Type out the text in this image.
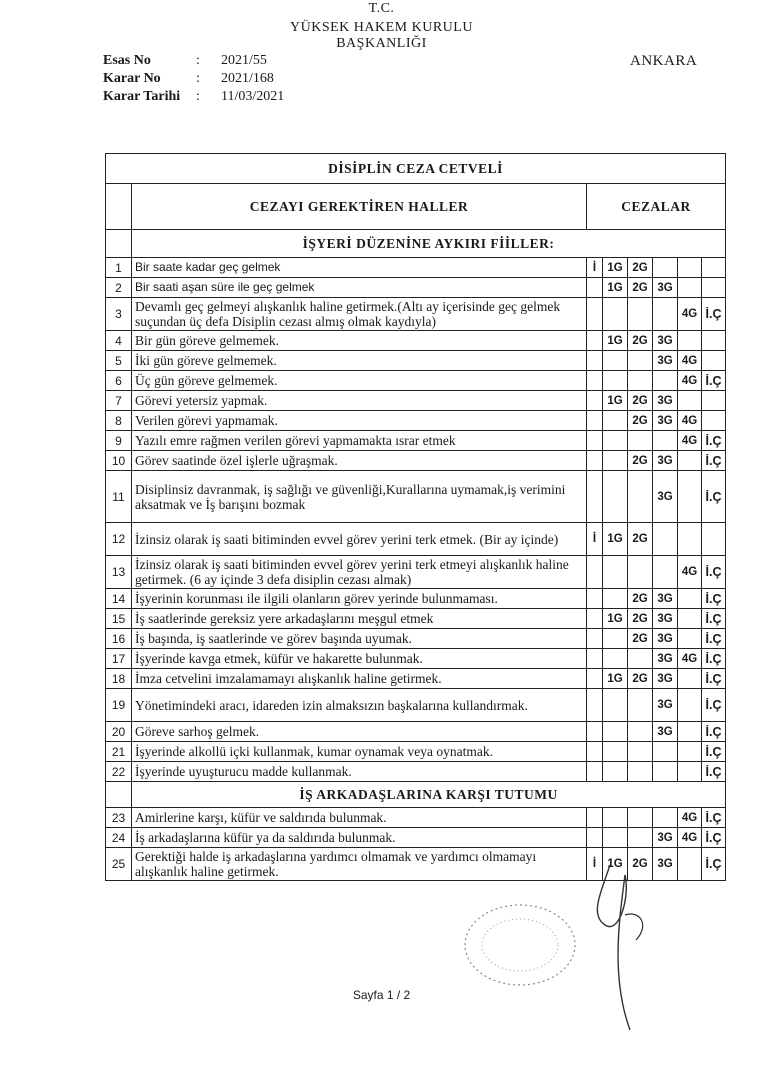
T.C.
YÜKSEK HAKEM KURULU
BAŞKANLIĞI
Esas No	:	2021/55
Karar No	:	2021/168
Karar Tarihi	:	11/03/2021
ANKARA
DİSİPLİN CEZA CETVELİ							
	CEZAYI GEREKTİREN HALLER	CEZALAR					
	İŞYERİ DÜZENİNE AYKIRI FİİLLER:						
1	Bir saate kadar geç gelmek	İ	1G	2G			
2	Bir saati aşan süre ile geç gelmek		1G	2G	3G		
3	Devamlı geç gelmeyi alışkanlık haline getirmek.(Altı ay içerisinde geç gelmek suçundan üç defa Disiplin cezası almış olmak kaydıyla)					4G	İ.Ç
4	Bir gün göreve gelmemek.		1G	2G	3G		
5	İki gün göreve gelmemek.				3G	4G	
6	Üç gün göreve gelmemek.					4G	İ.Ç
7	Görevi yetersiz yapmak.		1G	2G	3G		
8	Verilen görevi yapmamak.			2G	3G	4G	
9	Yazılı emre rağmen verilen görevi yapmamakta ısrar etmek					4G	İ.Ç
10	Görev saatinde özel işlerle uğraşmak.			2G	3G		İ.Ç
11	Disiplinsiz davranmak, iş sağlığı ve güvenliği,Kurallarına uymamak,iş verimini aksatmak ve İş barışını bozmak				3G		İ.Ç
12	İzinsiz olarak iş saati bitiminden evvel görev yerini terk etmek. (Bir ay içinde)	İ	1G	2G			
13	İzinsiz olarak iş saati bitiminden evvel görev yerini terk etmeyi alışkanlık haline getirmek. (6 ay içinde 3 defa disiplin cezası almak)					4G	İ.Ç
14	İşyerinin korunması ile ilgili olanların görev yerinde bulunmaması.			2G	3G		İ.Ç
15	İş saatlerinde gereksiz yere arkadaşlarını meşgul etmek		1G	2G	3G		İ.Ç
16	İş başında, iş saatlerinde ve görev başında uyumak.			2G	3G		İ.Ç
17	İşyerinde kavga etmek, küfür ve hakarette bulunmak.				3G	4G	İ.Ç
18	İmza cetvelini imzalamamayı alışkanlık haline getirmek.		1G	2G	3G		İ.Ç
19	Yönetimindeki aracı, idareden izin almaksızın başkalarına kullandırmak.				3G		İ.Ç
20	Göreve sarhoş gelmek.				3G		İ.Ç
21	İşyerinde alkollü içki kullanmak, kumar oynamak veya oynatmak.						İ.Ç
22	İşyerinde uyuşturucu madde kullanmak.						İ.Ç
	İŞ ARKADAŞLARINA KARŞI TUTUMU						
23	Amirlerine karşı, küfür ve saldırıda bulunmak.					4G	İ.Ç
24	İş arkadaşlarına küfür ya da saldırıda bulunmak.				3G	4G	İ.Ç
25	Gerektiği halde iş arkadaşlarına yardımcı olmamak ve yardımcı olmamayı alışkanlık haline getirmek.	İ	1G	2G	3G		İ.Ç
Sayfa 1 / 2
